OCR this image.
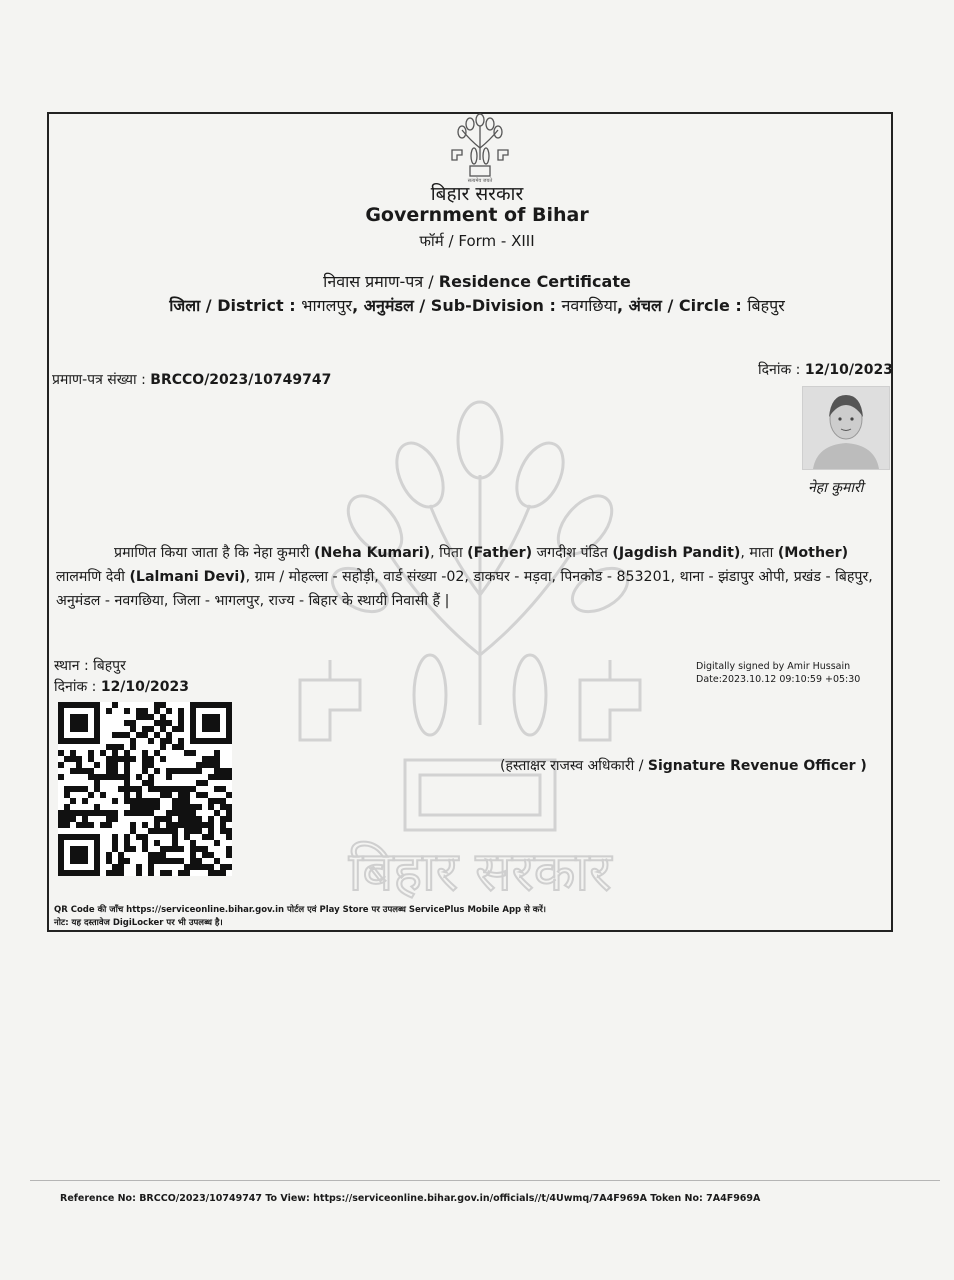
बिहार सरकार
सत्यमेव जयते
बिहार सरकार
Government of Bihar
फॉर्म / Form - XIII
निवास प्रमाण-पत्र / Residence Certificate
जिला / District : भागलपुर, अनुमंडल / Sub-Division : नवगछिया, अंचल / Circle : बिहपुर
प्रमाण-पत्र संख्या : BRCCO/2023/10749747
दिनांक : 12/10/2023
नेहा कुमारी
प्रमाणित किया जाता है कि नेहा कुमारी (Neha Kumari), पिता (Father) जगदीश पंडित (Jagdish Pandit), माता (Mother) लालमणि देवी (Lalmani Devi), ग्राम / मोहल्ला - सहोड़ी, वार्ड संख्या -02, डाकघर - मड़वा, पिनकोड - 853201, थाना - झंडापुर ओपी, प्रखंड - बिहपुर, अनुमंडल - नवगछिया, जिला - भागलपुर, राज्य - बिहार के स्थायी निवासी हैं |
स्थान : बिहपुर
दिनांक : 12/10/2023
Digitally signed by Amir Hussain
Date:2023.10.12 09:10:59 +05:30
(हस्ताक्षर राजस्व अधिकारी / Signature Revenue Officer )
QR Code की जाँच https://serviceonline.bihar.gov.in पोर्टल एवं Play Store पर उपलब्ध ServicePlus Mobile App से करें।
नोट: यह दस्तावेज DigiLocker पर भी उपलब्ध है।
Reference No: BRCCO/2023/10749747 To View: https://serviceonline.bihar.gov.in/officials//t/4Uwmq/7A4F969A Token No: 7A4F969A
